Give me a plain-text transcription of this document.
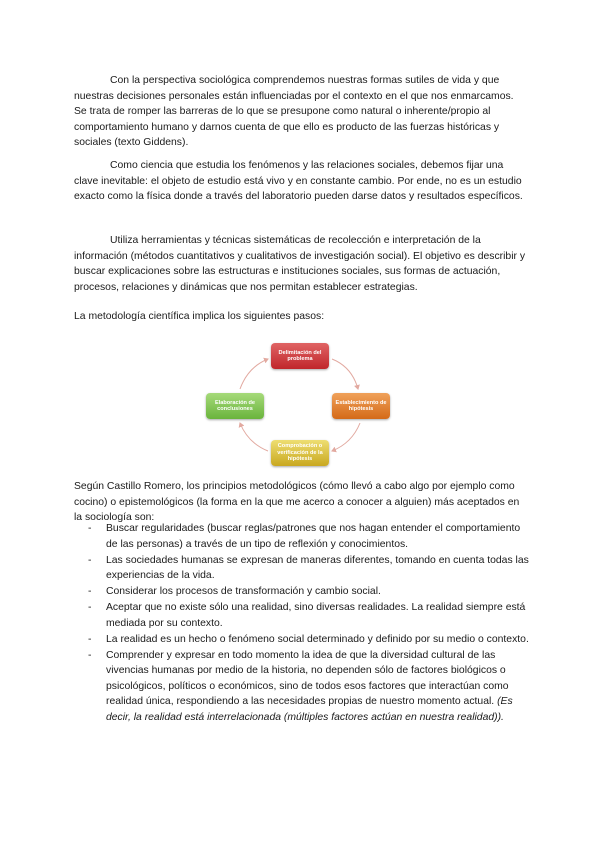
Con la perspectiva sociológica comprendemos nuestras formas sutiles de vida y que nuestras decisiones personales están influenciadas por el contexto en el que nos enmarcamos. Se trata de romper las barreras de lo que se presupone como natural o inherente/propio al comportamiento humano y darnos cuenta de que ello es producto de las fuerzas históricas y sociales (texto Giddens).

Como ciencia que estudia los fenómenos y las relaciones sociales, debemos fijar una clave inevitable: el objeto de estudio está vivo y en constante cambio. Por ende, no es un estudio exacto como la física donde a través del laboratorio pueden darse datos y resultados específicos.

Utiliza herramientas y técnicas sistemáticas de recolección e interpretación de la información (métodos cuantitativos y cualitativos de investigación social). El objetivo es describir y buscar explicaciones sobre las estructuras e instituciones sociales, sus formas de actuación, procesos, relaciones y dinámicas que nos permitan establecer estrategias.

La metodología científica implica los siguientes pasos:

Delimitación del problema
Establecimiento de hipótesis
Comprobación o verificación de la hipótesis
Elaboración de conclusiones

Según Castillo Romero, los principios metodológicos (cómo llevó a cabo algo por ejemplo como cocino) o epistemológicos (la forma en la que me acerco a conocer a alguien) más aceptados en la sociología son:

- Buscar regularidades (buscar reglas/patrones que nos hagan entender el comportamiento de las personas) a través de un tipo de reflexión y conocimientos.
- Las sociedades humanas se expresan de maneras diferentes, tomando en cuenta todas las experiencias de la vida.
- Considerar los procesos de transformación y cambio social.
- Aceptar que no existe sólo una realidad, sino diversas realidades. La realidad siempre está mediada por su contexto.
- La realidad es un hecho o fenómeno social determinado y definido por su medio o contexto.
- Comprender y expresar en todo momento la idea de que la diversidad cultural de las vivencias humanas por medio de la historia, no dependen sólo de factores biológicos o psicológicos, políticos o económicos, sino de todos esos factores que interactúan como realidad única, respondiendo a las necesidades propias de nuestro momento actual. (Es decir, la realidad está interrelacionada (múltiples factores actúan en nuestra realidad)).
